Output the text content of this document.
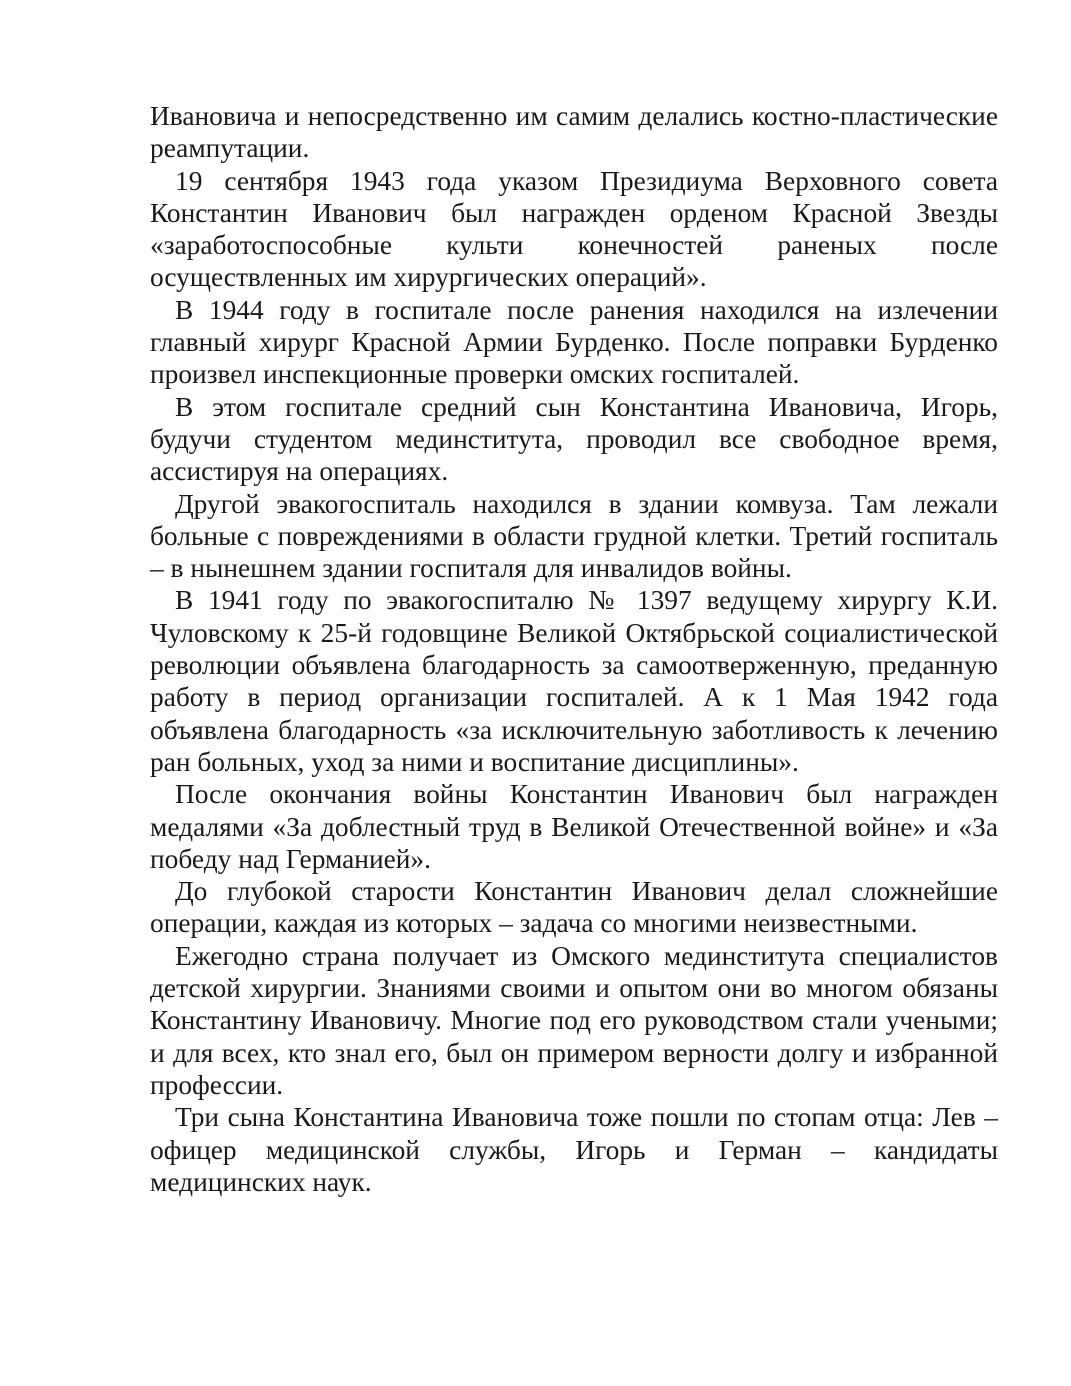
Ивановича и непосредственно им самим делались костно-пластические реампутации.

19 сентября 1943 года указом Президиума Верховного совета Константин Иванович был награжден орденом Красной Звезды «заработоспособные культи конечностей раненых после осуществленных им хирургических операций».

В 1944 году в госпитале после ранения находился на излечении главный хирург Красной Армии Бурденко. После поправки Бурденко произвел инспекционные проверки омских госпиталей.

В этом госпитале средний сын Константина Ивановича, Игорь, будучи студентом мединститута, проводил все свободное время, ассистируя на операциях.

Другой эвакогоспиталь находился в здании комвуза. Там лежали больные с повреждениями в области грудной клетки. Третий госпиталь – в нынешнем здании госпиталя для инвалидов войны.

В 1941 году по эвакогоспиталю № 1397 ведущему хирургу К.И. Чуловскому к 25-й годовщине Великой Октябрьской социалистической революции объявлена благодарность за самоотверженную, преданную работу в период организации госпиталей. А к 1 Мая 1942 года объявлена благодарность «за исключительную заботливость к лечению ран больных, уход за ними и воспитание дисциплины».

После окончания войны Константин Иванович был награжден медалями «За доблестный труд в Великой Отечественной войне» и «За победу над Германией».

До глубокой старости Константин Иванович делал сложнейшие операции, каждая из которых – задача со многими неизвестными.

Ежегодно страна получает из Омского мединститута специалистов детской хирургии. Знаниями своими и опытом они во многом обязаны Константину Ивановичу. Многие под его руководством стали учеными; и для всех, кто знал его, был он примером верности долгу и избранной профессии.

Три сына Константина Ивановича тоже пошли по стопам отца: Лев – офицер медицинской службы, Игорь и Герман – кандидаты медицинских наук.
